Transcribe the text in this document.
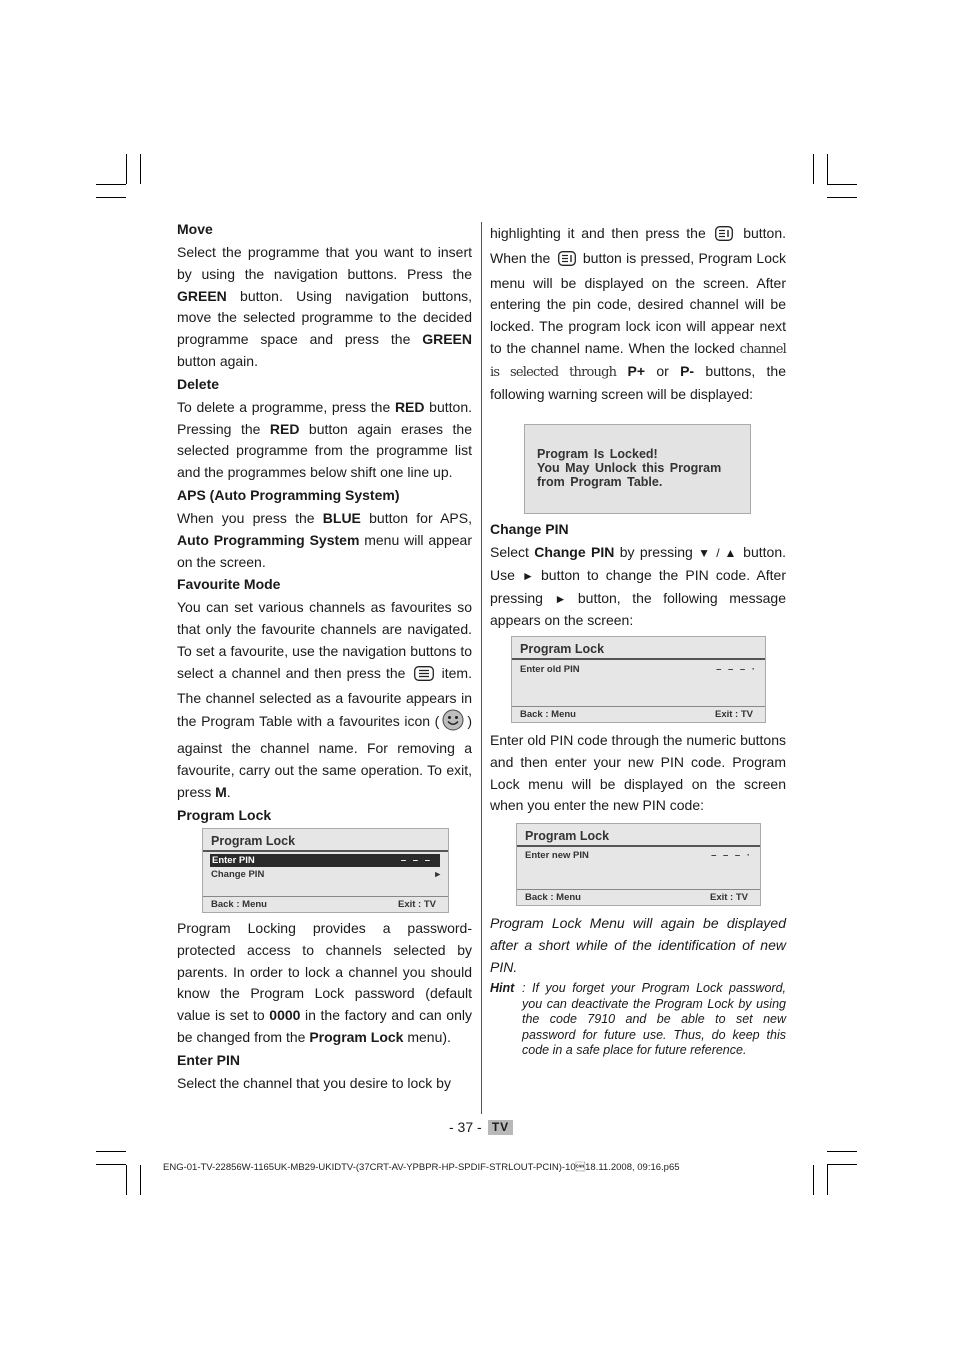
Move

Select the programme that you want to insert by using the navigation buttons. Press the GREEN button. Using navigation buttons, move the selected programme to the decided programme space and press the GREEN button again.

Delete

To delete a programme, press the RED button. Pressing the RED button again erases the selected programme from the programme list and the programmes below shift one line up.

APS (Auto Programming System)

When you press the BLUE button for APS, Auto Programming System menu will appear on the screen.

Favourite Mode

You can set various channels as favourites so that only the favourite channels are navigated. To set a favourite, use the navigation buttons to select a channel and then press the  item. The channel selected as a favourite appears in the Program Table with a favourites icon ( ) against the channel name. For removing a favourite, carry out the same operation. To exit, press M.

Program Lock
Program Lock
Enter PIN	– – –
Change PIN	▸
Back : Menu	Exit : TV

Program Locking provides a password-protected access to channels selected by parents. In order to lock a channel you should know the Program Lock password (default value is set to 0000 in the factory and can only be changed from the Program Lock menu).

Enter PIN

Select the channel that you desire to lock by

highlighting it and then press the  button. When the  button is pressed, Program Lock menu will be displayed on the screen. After entering the pin code, desired channel will be locked. The program lock icon will appear next to the channel name. When the locked channel is selected through P+ or P- buttons, the following warning screen will be displayed:

Program Is Locked!
You May Unlock this Program
from Program Table.
Change PIN

Select Change PIN by pressing ▼ / ▲ button. Use ► button to change the PIN code. After pressing ► button, the following message appears on the screen:

Program Lock
Enter old PIN	– – – ·
Back : Menu	Exit : TV

Enter old PIN code through the numeric buttons and then enter your new PIN code. Program Lock menu will be displayed on the screen when you enter the new PIN code:

Program Lock
Enter new PIN	– – – ·
Back : Menu	Exit : TV

Program Lock Menu will again be displayed after a short while of the identification of new PIN.

Hint : If you forget your Program Lock password, you can deactivate the Program Lock by using the code 7910 and be able to set new password for future use. Thus, do keep this code in a safe place for future reference.
- 37 - TV
ENG-01-TV-22856W-1165UK-MB29-UKIDTV-(37CRT-AV-YPBPR-HP-SPDIF-STRLOUT-PCIN)-1018.11.2008, 09:16.p65
